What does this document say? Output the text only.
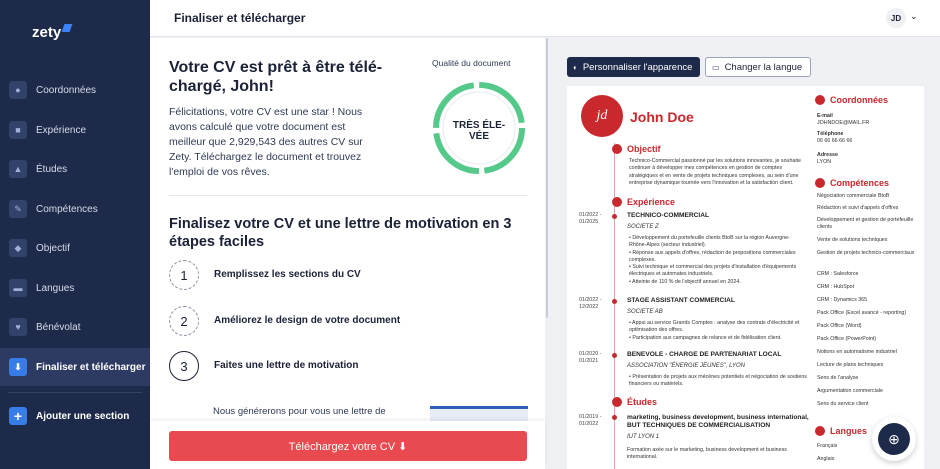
zety
●	Coordonnées
■	Expérience
▲	Études
✎	Compétences
◆	Objectif
▬	Langues
♥	Bénévolat
⬇	Finaliser et télécharger
+	Ajouter une section
Finaliser et télécharger	JD ⌄
Votre CV est prêt à être télé-chargé, John!
Félicitations, votre CV est une star ! Nous avons calculé que votre document est meilleur que 2,929,543 des autres CV sur Zety. Téléchargez le document et trouvez l'emploi de vos rêves.
Qualité du document
TRÈS ÉLE-
VÉE
Finalisez votre CV et une lettre de motivation en 3 étapes faciles
1	Remplissez les sections du CV
2	Améliorez le design de votre document
3	Faites une lettre de motivation
Nous générerons pour vous une lettre de
Téléchargez votre CV ⬇
◐ Personnaliser l'apparence ▭ Changer la langue
jd	John Doe
Objectif
Technico-Commercial passionné par les solutions innovantes, je souhaite continuer à développer mes compétences en gestion de comptes stratégiques et en vente de projets techniques complexes, au sein d'une entreprise dynamique tournée vers l'innovation et la satisfaction client.
Expérience
01/2022 - 01/2025
TECHNICO-COMMERCIAL
SOCIETE Z
• Développement du portefeuille clients BtoB sur la région Auvergne-Rhône-Alpes (secteur industriel).
• Réponse aux appels d'offres, rédaction de propositions commerciales complexes.
• Suivi technique et commercial des projets d'installation d'équipements électriques et automates industriels.
• Atteinte de 110 % de l'objectif annuel en 2024.
01/2022 - 12/2022
STAGE ASSISTANT COMMERCIAL
SOCIETE AB
• Appui au service Grands Comptes : analyse des contrats d'électricité et optimisation des offres.
• Participation aux campagnes de relance et de fidélisation client.
01/2020 - 01/2021
BENEVOLE - CHARGE DE PARTENARIAT LOCAL
ASSOCIATION "ÉNERGIE JEUNES", LYON
• Présentation de projets aux mécènes potentiels et négociation de soutiens financiers ou matériels.
Études
01/2019 - 01/2022
marketing, business development, business international, BUT TECHNIQUES DE COMMERCIALISATION
IUT LYON 1
Formation axée sur le marketing, business development et business international.
Coordonnées
E-mail
JOHNDOE@MAIL.FR
Téléphone
06 66 66 66 66
Adresse
LYON
Compétences
Négociation commerciale BtoB
Rédaction et suivi d'appels d'offres
Développement et gestion de portefeuille clients
Vente de solutions techniques
Gestion de projets technico-commerciaux
CRM : Salesforce
CRM : HubSpot
CRM : Dynamics 365
Pack Office (Excel avancé - reporting)
Pack Office (Word)
Pack Office (PowerPoint)
Notions en automatisme industriel
Lecture de plans techniques
Sens de l'analyse
Argumentation commerciale
Sens du service client
Langues
Français
Anglais
⊕
